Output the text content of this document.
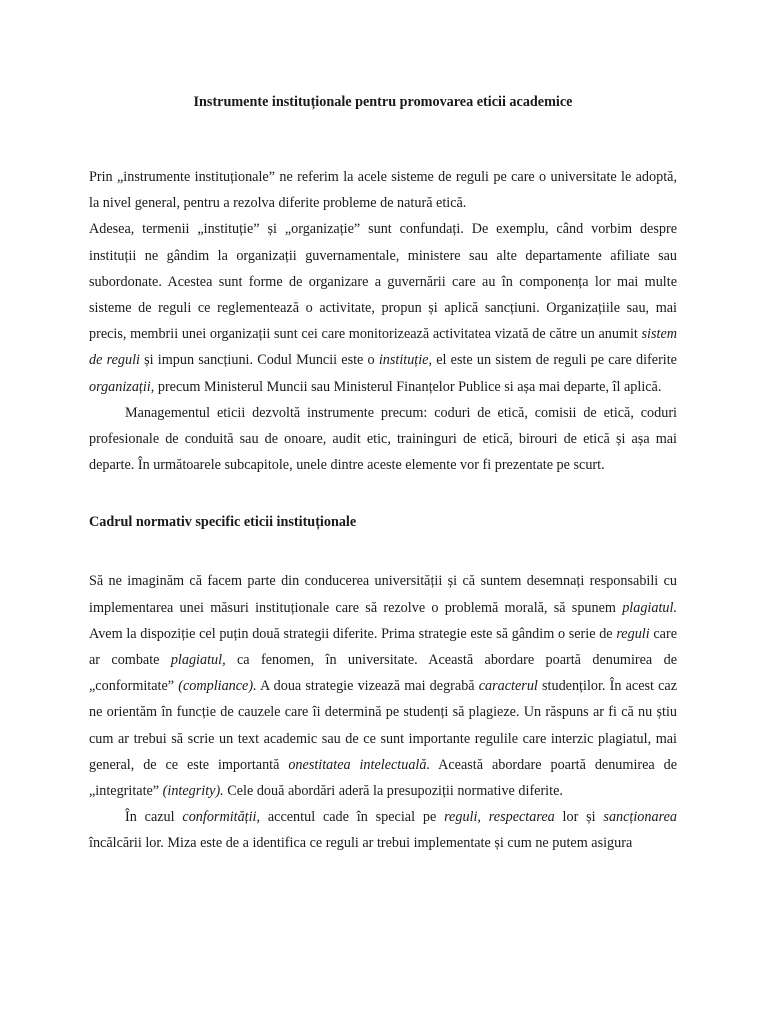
Instrumente instituționale pentru promovarea eticii academice

Prin „instrumente instituționale” ne referim la acele sisteme de reguli pe care o universitate le adoptă, la nivel general, pentru a rezolva diferite probleme de natură etică.

Adesea, termenii „instituție” și „organizație” sunt confundați. De exemplu, când vorbim despre instituții ne gândim la organizații guvernamentale, ministere sau alte departamente afiliate sau subordonate. Acestea sunt forme de organizare a guvernării care au în componența lor mai multe sisteme de reguli ce reglementează o activitate, propun și aplică sancțiuni. Organizațiile sau, mai precis, membrii unei organizații sunt cei care monitorizează activitatea vizată de către un anumit sistem de reguli și impun sancțiuni. Codul Muncii este o instituție, el este un sistem de reguli pe care diferite organizații, precum Ministerul Muncii sau Ministerul Finanțelor Publice si așa mai departe, îl aplică.

Managementul eticii dezvoltă instrumente precum: coduri de etică, comisii de etică, coduri profesionale de conduită sau de onoare, audit etic, traininguri de etică, birouri de etică și așa mai departe. În următoarele subcapitole, unele dintre aceste elemente vor fi prezentate pe scurt.

Cadrul normativ specific eticii instituționale

Să ne imaginăm că facem parte din conducerea universității și că suntem desemnați responsabili cu implementarea unei măsuri instituționale care să rezolve o problemă morală, să spunem plagiatul. Avem la dispoziție cel puțin două strategii diferite. Prima strategie este să gândim o serie de reguli care ar combate plagiatul, ca fenomen, în universitate. Această abordare poartă denumirea de „conformitate” (compliance). A doua strategie vizează mai degrabă caracterul studenților. În acest caz ne orientăm în funcție de cauzele care îi determină pe studenți să plagieze. Un răspuns ar fi că nu știu cum ar trebui să scrie un text academic sau de ce sunt importante regulile care interzic plagiatul, mai general, de ce este importantă onestitatea intelectuală. Această abordare poartă denumirea de „integritate” (integrity). Cele două abordări aderă la presupoziții normative diferite.

În cazul conformității, accentul cade în special pe reguli, respectarea lor și sancționarea încălcării lor. Miza este de a identifica ce reguli ar trebui implementate și cum ne putem asigura
